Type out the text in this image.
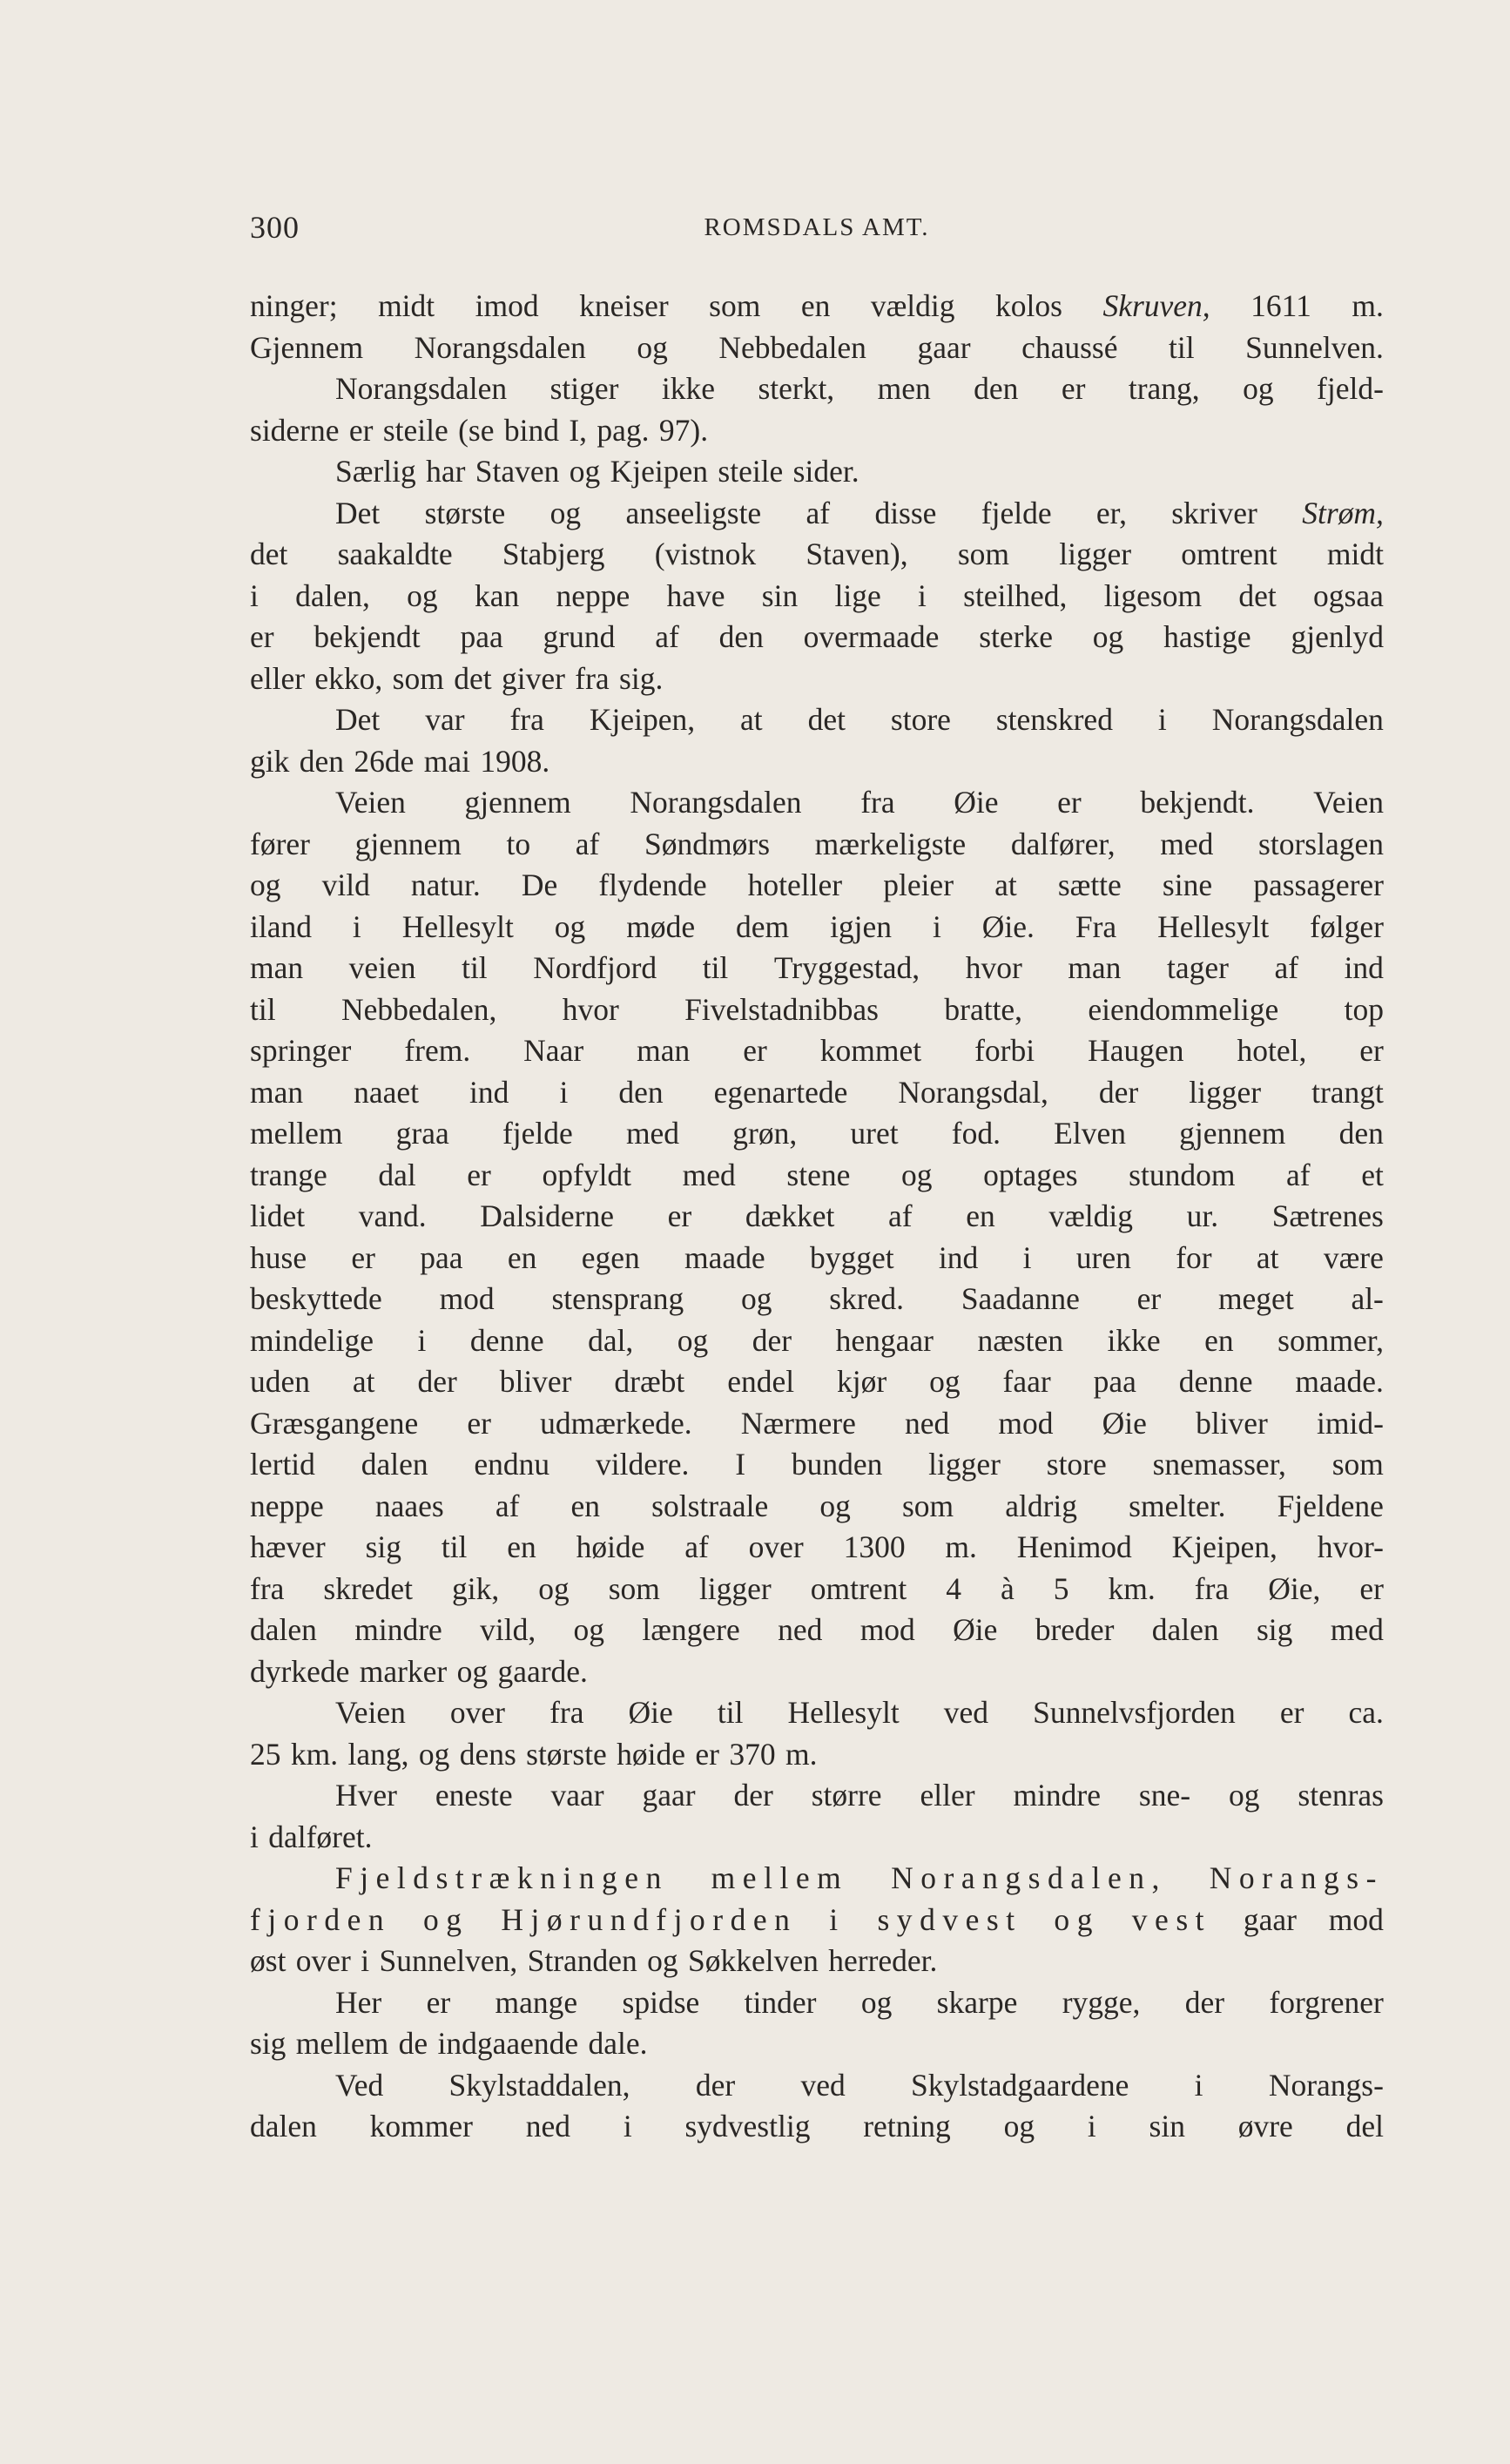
300	ROMSDALS AMT.
ninger; midt imod kneiser som en vældig kolos Skruven, 1611 m.
Gjennem Norangsdalen og Nebbedalen gaar chaussé til Sunnelven.
Norangsdalen stiger ikke sterkt, men den er trang, og fjeld-
siderne er steile (se bind I, pag. 97).
Særlig har Staven og Kjeipen steile sider.
Det største og anseeligste af disse fjelde er, skriver Strøm,
det saakaldte Stabjerg (vistnok Staven), som ligger omtrent midt
i dalen, og kan neppe have sin lige i steilhed, ligesom det ogsaa
er bekjendt paa grund af den overmaade sterke og hastige gjenlyd
eller ekko, som det giver fra sig.
Det var fra Kjeipen, at det store stenskred i Norangsdalen
gik den 26de mai 1908.
Veien gjennem Norangsdalen fra Øie er bekjendt. Veien
fører gjennem to af Søndmørs mærkeligste dalfører, med storslagen
og vild natur. De flydende hoteller pleier at sætte sine passagerer
iland i Hellesylt og møde dem igjen i Øie. Fra Hellesylt følger
man veien til Nordfjord til Tryggestad, hvor man tager af ind
til Nebbedalen, hvor Fivelstadnibbas bratte, eiendommelige top
springer frem. Naar man er kommet forbi Haugen hotel, er
man naaet ind i den egenartede Norangsdal, der ligger trangt
mellem graa fjelde med grøn, uret fod. Elven gjennem den
trange dal er opfyldt med stene og optages stundom af et
lidet vand. Dalsiderne er dækket af en vældig ur. Sætrenes
huse er paa en egen maade bygget ind i uren for at være
beskyttede mod stensprang og skred. Saadanne er meget al-
mindelige i denne dal, og der hengaar næsten ikke en sommer,
uden at der bliver dræbt endel kjør og faar paa denne maade.
Græsgangene er udmærkede. Nærmere ned mod Øie bliver imid-
lertid dalen endnu vildere. I bunden ligger store snemasser, som
neppe naaes af en solstraale og som aldrig smelter. Fjeldene
hæver sig til en høide af over 1300 m. Henimod Kjeipen, hvor-
fra skredet gik, og som ligger omtrent 4 à 5 km. fra Øie, er
dalen mindre vild, og længere ned mod Øie breder dalen sig med
dyrkede marker og gaarde.
Veien over fra Øie til Hellesylt ved Sunnelvsfjorden er ca.
25 km. lang, og dens største høide er 370 m.
Hver eneste vaar gaar der større eller mindre sne- og stenras
i dalføret.
Fjeldstrækningen mellem Norangsdalen, Norangs-
fjorden og Hjørundfjorden i sydvest og vest gaar mod
øst over i Sunnelven, Stranden og Søkkelven herreder.
Her er mange spidse tinder og skarpe rygge, der forgrener
sig mellem de indgaaende dale.
Ved Skylstaddalen, der ved Skylstadgaardene i Norangs-
dalen kommer ned i sydvestlig retning og i sin øvre del
